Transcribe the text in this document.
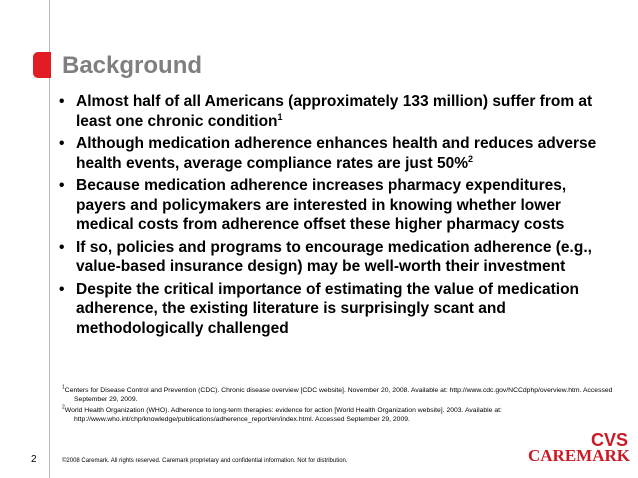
Background
• Almost half of all Americans (approximately 133 million) suffer from at least one chronic condition$^1$
• Although medication adherence enhances health and reduces adverse health events, average compliance rates are just 50%$^2$
• Because medication adherence increases pharmacy expenditures, payers and policymakers are interested in knowing whether lower medical costs from adherence offset these higher pharmacy costs
• If so, policies and programs to encourage medication adherence (e.g., value-based insurance design) may be well-worth their investment
• Despite the critical importance of estimating the value of medication adherence, the existing literature is surprisingly scant and methodologically challenged
$^1$Centers for Disease Control and Prevention (CDC). Chronic disease overview [CDC website]. November 20, 2008. Available at: http://www.cdc.gov/NCCdphp/overview.htm. Accessed
September 29, 2009.
$^2$World Health Organization (WHO). Adherence to long-term therapies: evidence for action [World Health Organization website]. 2003. Available at:
http://www.who.int/chp/knowledge/publications/adherence_report/en/index.html. Accessed September 29, 2009.
2	©2008 Caremark. All rights reserved. Caremark proprietary and confidential information. Not for distribution.
CVS
CAREMARK
